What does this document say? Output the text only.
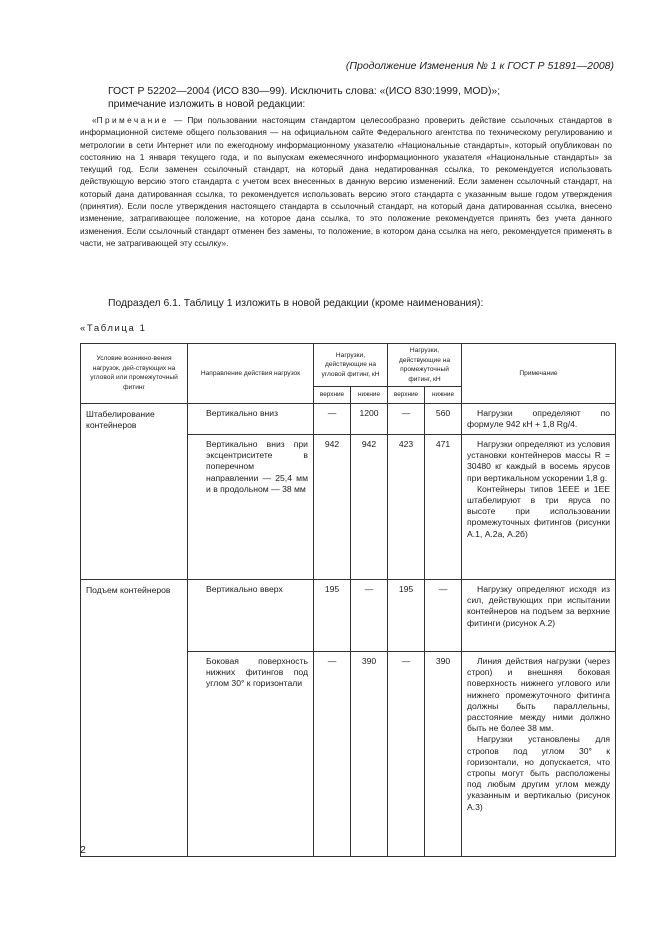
(Продолжение Изменения № 1 к ГОСТ Р 51891—2008)
ГОСТ Р 52202—2004 (ИСО 830—99). Исключить слова: «(ИСО 830:1999, MOD)»;
примечание изложить в новой редакции:
«Примечание — При пользовании настоящим стандартом целесообразно проверить действие ссылочных стандартов в информационной системе общего пользования — на официальном сайте Федерального агентства по техническому регулированию и метрологии в сети Интернет или по ежегодному информационному указателю «Национальные стандарты», который опубликован по состоянию на 1 января текущего года, и по выпускам ежемесячного информационного указателя «Национальные стандарты» за текущий год. Если заменен ссылочный стандарт, на который дана недатированная ссылка, то рекомендуется использовать действующую версию этого стандарта с учетом всех внесенных в данную версию изменений. Если заменен ссылочный стандарт, на который дана датированная ссылка, то рекомендуется использовать версию этого стандарта с указанным выше годом утверждения (принятия). Если после утверждения настоящего стандарта в ссылочный стандарт, на который дана датированная ссылка, внесено изменение, затрагивающее положение, на которое дана ссылка, то это положение рекомендуется принять без учета данного изменения. Если ссылочный стандарт отменен без замены, то положение, в котором дана ссылка на него, рекомендуется применять в части, не затрагивающей эту ссылку».
Подраздел 6.1. Таблицу 1 изложить в новой редакции (кроме наименования):
«Таблица 1
Условие возникно-вения нагрузок, дей-ствующих на угловой или промежуточный фитинг	Направление действия нагрузок	Нагрузки, действующие на угловой фитинг, кН		Нагрузки, действующие на промежуточный фитинг, кН		Примечание
		верхние	нижние	верхние	нижние	
Штабелирование контейнеров	Вертикально вниз	—	1200	—	560	Нагрузки определяют по формуле 942 кН + 1,8 Rg/4.

	Вертикально вниз при эксцентриситете в поперечном направлении — 25,4 мм и в продольном — 38 мм	942	942	423	471	Нагрузки определяют из условия установки контейнеров массы R = 30480 кг каждый в восемь ярусов при вертикальном ускорении 1,8 g.
Контейнеры типов 1ЕЕЕ и 1ЕЕ штабелируют в три яруса по высоте при использовании промежуточных фитингов (рисунки А.1, А.2а, А.2б)

Подъем контейнеров	Вертикально вверх	195	—	195	—	Нагрузку определяют исходя из сил, действующих при испытании контейнеров на подъем за верхние фитинги (рисунок А.2)

	Боковая поверхность нижних фитингов под углом 30° к горизонтали	—	390	—	390	Линия действия нагрузки (через строп) и внешняя боковая поверхность нижнего углового или нижнего промежуточного фитинга должны быть параллельны, расстояние между ними должно быть не более 38 мм.
Нагрузки установлены для стропов под углом 30° к горизонтали, но допускается, что стропы могут быть расположены под любым другим углом между указанным и вертикалью (рисунок А.3)
2
